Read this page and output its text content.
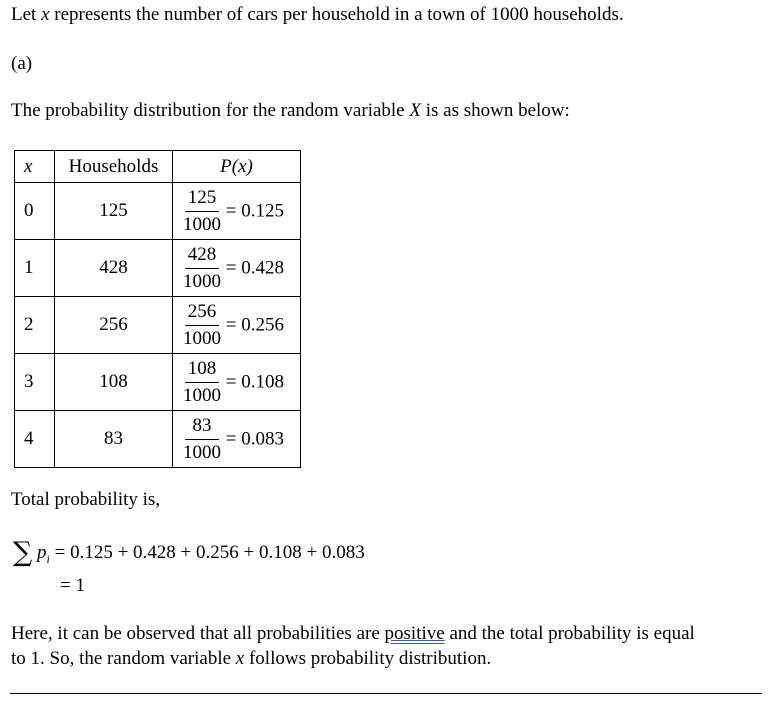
Let x represents the number of cars per household in a town of 1000 households.
(a)
The probability distribution for the random variable X is as shown below:
x	Households	P(x)
0	125	$\frac{125}{1000} = 0.125$
1	428	$\frac{428}{1000} = 0.428$
2	256	$\frac{256}{1000} = 0.256$
3	108	$\frac{108}{1000} = 0.108$
4	83	$\frac{83}{1000} = 0.083$
Total probability is,
∑ $p_i = 0.125 + 0.428 + 0.256 + 0.108 + 0.083$
= 1
Here, it can be observed that all probabilities are positive and the total probability is equal
to 1. So, the random variable x follows probability distribution.
